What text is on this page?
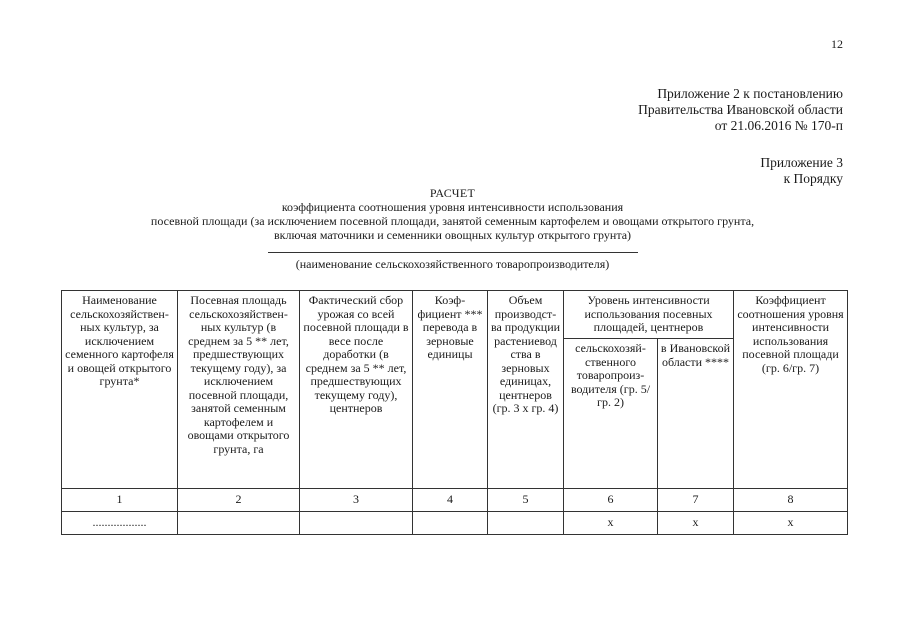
12
Приложение 2 к постановлению
Правительства Ивановской области
от 21.06.2016 № 170-п
Приложение 3
к Порядку
РАСЧЕТ
коэффициента соотношения уровня интенсивности использования
посевной площади (за исключением посевной площади, занятой семенным картофелем и овощами открытого грунта,
включая маточники и семенники овощных культур открытого грунта)
(наименование сельскохозяйственного товаропроизводителя)
Наименование сельскохозяйствен-ных культур, за исключением семенного картофеля и овощей открытого грунта*	Посевная площадь сельскохозяйствен-ных культур (в среднем за 5 ** лет, предшествующих текущему году), за исключением посевной площади, занятой семенным картофелем и овощами открытого грунта, га	Фактический сбор урожая со всей посевной площади в весе после доработки (в среднем за 5 ** лет, предшествующих текущему году), центнеров	Коэф-фициент *** перевода в зерновые единицы	Объем производст-ва продукции растениевод ства в зерновых единицах, центнеров (гр. 3 х гр. 4)	Уровень интенсивности использования посевных площадей, центнеров		Коэффициент соотношения уровня интенсивности использования посевной площади (гр. 6/гр. 7)
					сельскохозяй-ственного товаропроиз-водителя (гр. 5/гр. 2)	в Ивановской области ****	
1	2	3	4	5	6	7	8
..................					x	x	x
